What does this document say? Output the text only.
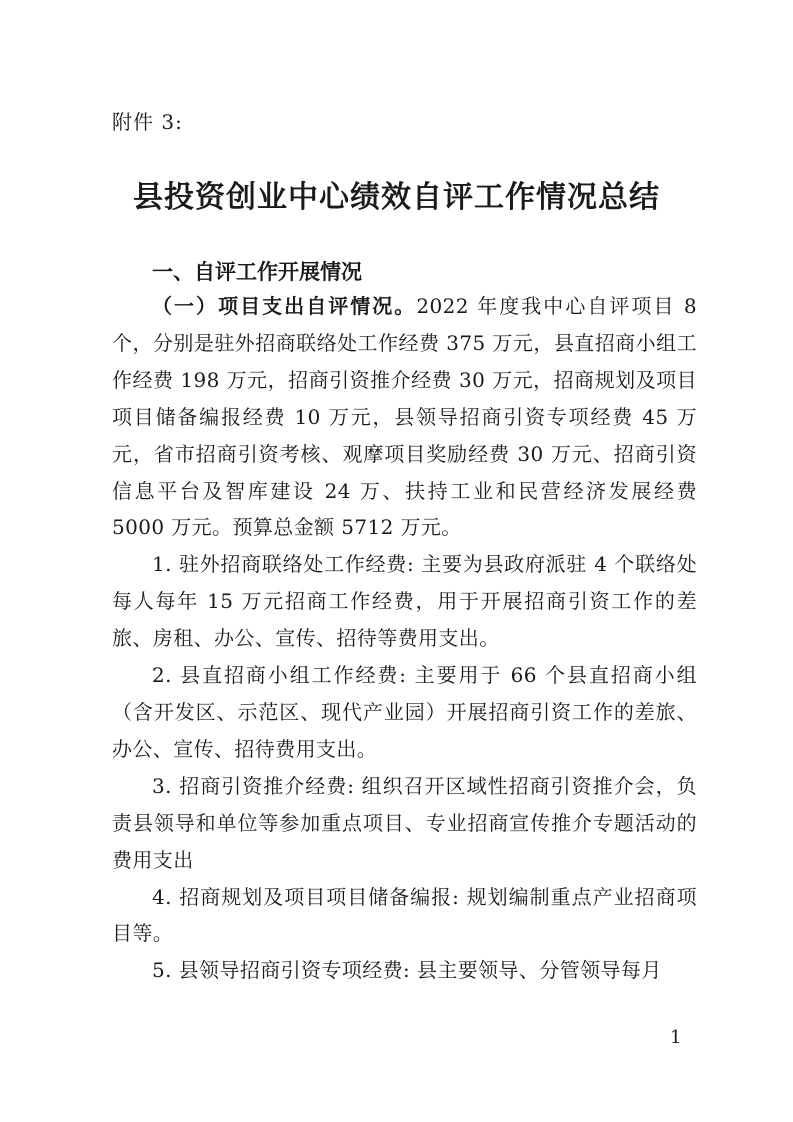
附件 3:

县投资创业中心绩效自评工作情况总结
一、自评工作开展情况

（一）项目支出自评情况。2022 年度我中心自评项目 8 个，分别是驻外招商联络处工作经费 375 万元，县直招商小组工作经费 198 万元，招商引资推介经费 30 万元，招商规划及项目项目储备编报经费 10 万元，县领导招商引资专项经费 45 万元，省市招商引资考核、观摩项目奖励经费 30 万元、招商引资信息平台及智库建设 24 万、扶持工业和民营经济发展经费 5000 万元。预算总金额 5712 万元。

1. 驻外招商联络处工作经费: 主要为县政府派驻 4 个联络处每人每年 15 万元招商工作经费，用于开展招商引资工作的差旅、房租、办公、宣传、招待等费用支出。

2. 县直招商小组工作经费: 主要用于 66 个县直招商小组（含开发区、示范区、现代产业园）开展招商引资工作的差旅、办公、宣传、招待费用支出。

3. 招商引资推介经费: 组织召开区域性招商引资推介会，负责县领导和单位等参加重点项目、专业招商宣传推介专题活动的费用支出

4. 招商规划及项目项目储备编报: 规划编制重点产业招商项目等。

5. 县领导招商引资专项经费: 县主要领导、分管领导每月

1
